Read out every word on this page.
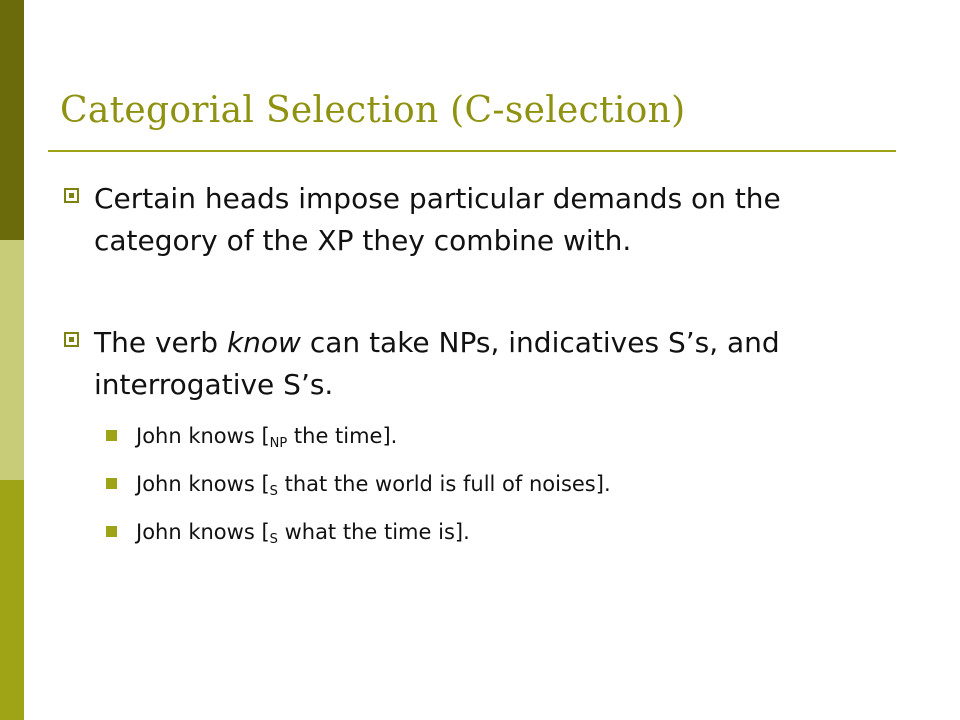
Categorial Selection (C-selection)
Certain heads impose particular demands on the category of the XP they combine with.
The verb know can take NPs, indicatives S’s, and interrogative S’s.
John knows [$_{NP}$ the time].
John knows [$_S$ that the world is full of noises].
John knows [$_S$ what the time is].
